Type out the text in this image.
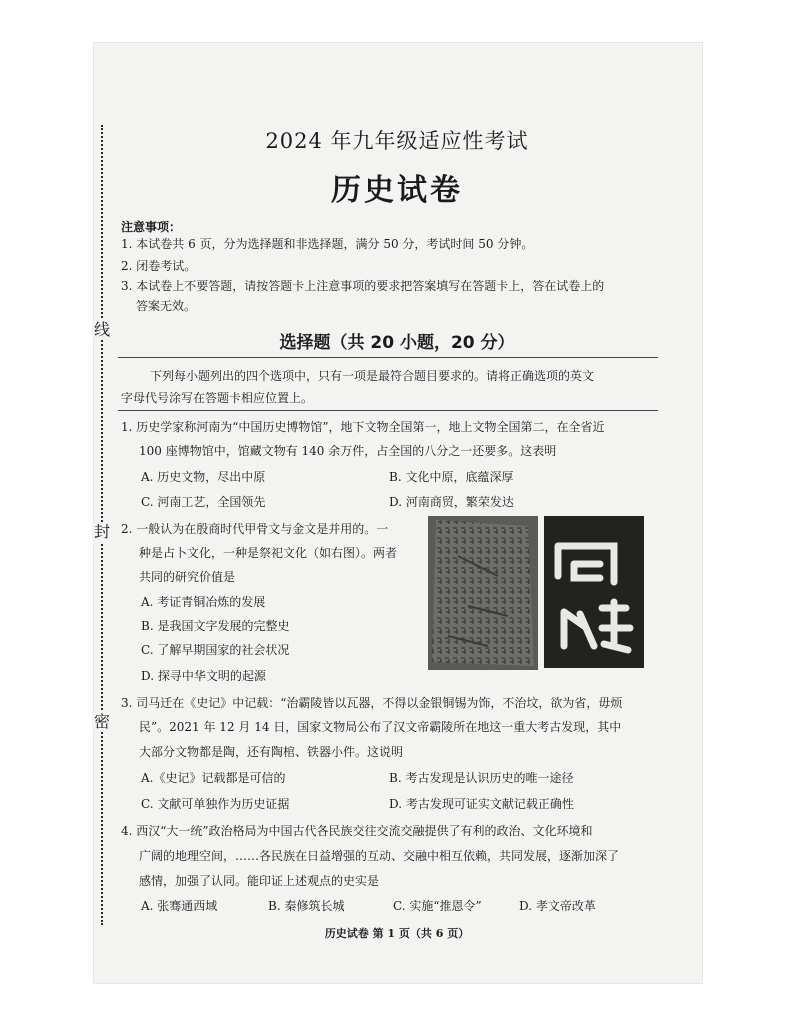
线
封
密
2024 年九年级适应性考试
历史试卷
注意事项：
1. 本试卷共 6 页，分为选择题和非选择题，满分 50 分，考试时间 50 分钟。
2. 闭卷考试。
3. 本试卷上不要答题，请按答题卡上注意事项的要求把答案填写在答题卡上，答在试卷上的
答案无效。
选择题（共 20 小题，20 分）
下列每小题列出的四个选项中，只有一项是最符合题目要求的。请将正确选项的英文
字母代号涂写在答题卡相应位置上。
1. 历史学家称河南为“中国历史博物馆”，地下文物全国第一，地上文物全国第二，在全省近
100 座博物馆中，馆藏文物有 140 余万件，占全国的八分之一还要多。这表明
A. 历史文物，尽出中原	B. 文化中原，底蕴深厚
C. 河南工艺，全国领先	D. 河南商贸，繁荣发达
2. 一般认为在殷商时代甲骨文与金文是并用的。一
种是占卜文化，一种是祭祀文化（如右图）。两者
共同的研究价值是
A. 考证青铜冶炼的发展
B. 是我国文字发展的完整史
C. 了解早期国家的社会状况
D. 探寻中华文明的起源
3. 司马迁在《史记》中记载：“治霸陵皆以瓦器，不得以金银铜锡为饰，不治坟，欲为省，毋烦
民”。2021 年 12 月 14 日，国家文物局公布了汉文帝霸陵所在地这一重大考古发现，其中
大部分文物都是陶，还有陶棺、铁器小件。这说明
A.《史记》记载都是可信的	B. 考古发现是认识历史的唯一途径
C. 文献可单独作为历史证据	D. 考古发现可证实文献记载正确性
4. 西汉“大一统”政治格局为中国古代各民族交往交流交融提供了有利的政治、文化环境和
广阔的地理空间，……各民族在日益增强的互动、交融中相互依赖，共同发展，逐渐加深了
感情，加强了认同。能印证上述观点的史实是
A. 张骞通西域	B. 秦修筑长城	C. 实施“推恩令”	D. 孝文帝改革
历史试卷 第 1 页（共 6 页）
